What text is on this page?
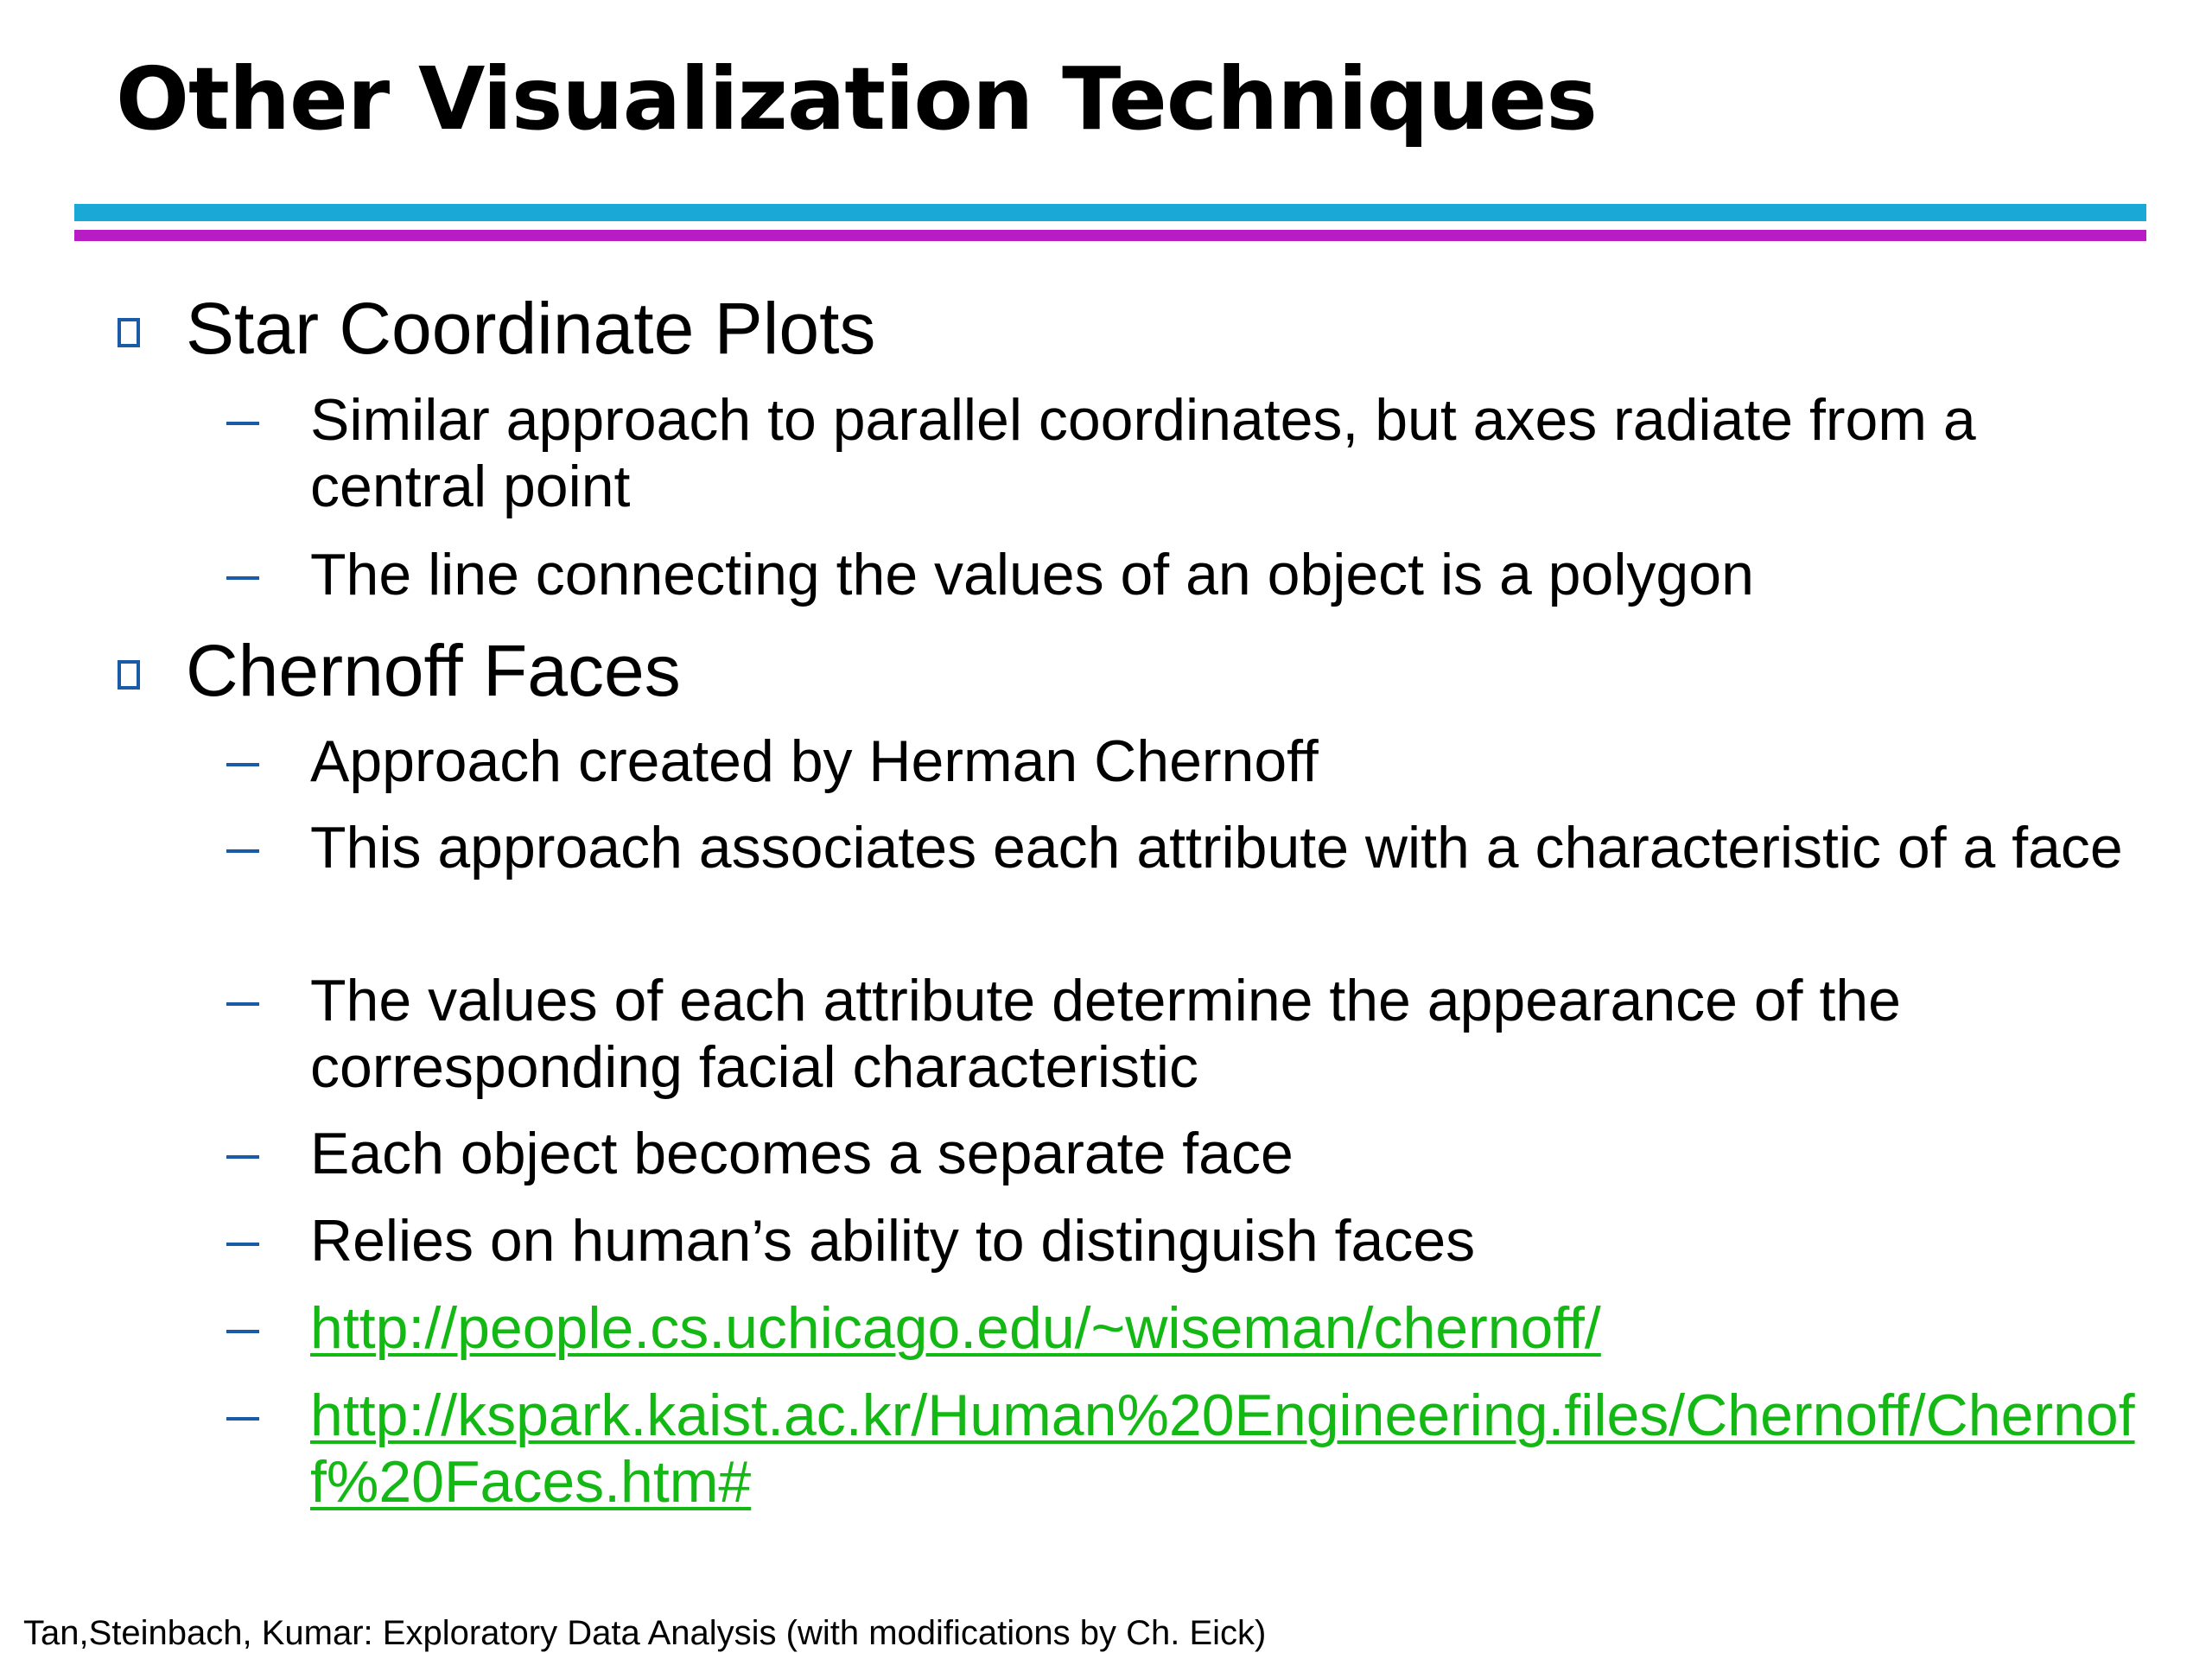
Other Visualization Techniques
Star Coordinate Plots
Similar approach to parallel coordinates, but axes radiate from a central point
The line connecting the values of an object is a polygon
Chernoff Faces
Approach created by Herman Chernoff
This approach associates each attribute with a characteristic of a face
The values of each attribute determine the appearance of the corresponding facial characteristic
Each object becomes a separate face
Relies on human’s ability to distinguish faces
http://people.cs.uchicago.edu/~wiseman/chernoff/
http://kspark.kaist.ac.kr/Human%20Engineering.files/Chernoff/Chernoff%20Faces.htm#
Tan,Steinbach, Kumar: Exploratory Data Analysis (with modifications by Ch. Eick)
